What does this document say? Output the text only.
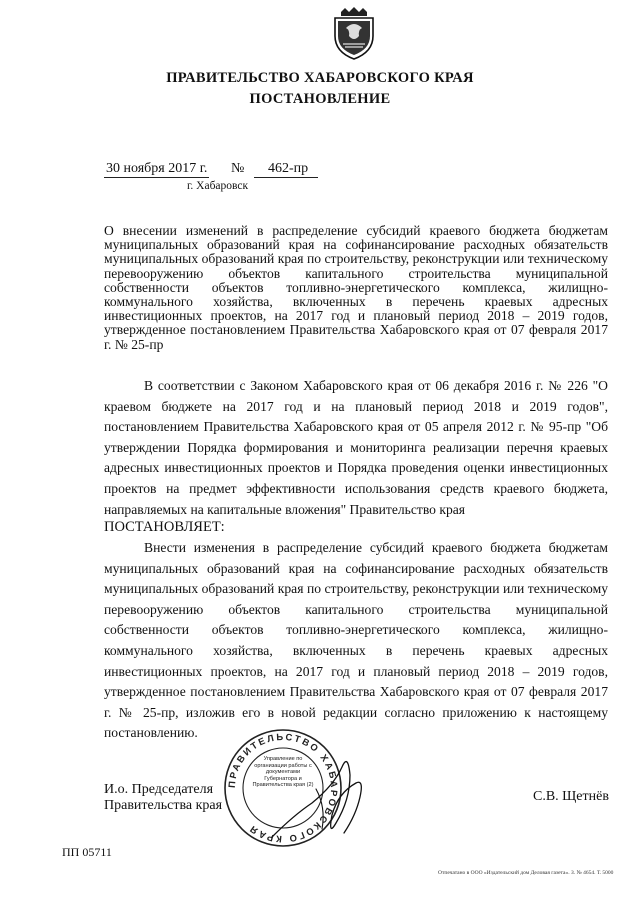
ПРАВИТЕЛЬСТВО ХАБАРОВСКОГО КРАЯ
ПОСТАНОВЛЕНИЕ
30 ноября 2017 г. №	462-пр
г. Хабаровск
О внесении изменений в распределение субсидий краевого бюджета бюджетам муниципальных образований края на софинансирование расходных обязательств муниципальных образований края по строительству, реконструкции или техническому перевооружению объектов капитального строительства муниципальной собственности объектов топливно-энергетического комплекса, жилищно-коммунального хозяйства, включенных в перечень краевых адресных инвестиционных проектов, на 2017 год и плановый период 2018 – 2019 годов, утвержденное постановлением Правительства Хабаровского края от 07 февраля 2017 г. № 25-пр
В соответствии с Законом Хабаровского края от 06 декабря 2016 г. № 226 "О краевом бюджете на 2017 год и на плановый период 2018 и 2019 годов", постановлением Правительства Хабаровского края от 05 апреля 2012 г. № 95-пр "Об утверждении Порядка формирования и мониторинга реализации перечня краевых адресных инвестиционных проектов и Порядка проведения оценки инвестиционных проектов на предмет эффективности использования средств краевого бюджета, направляемых на капитальные вложения" Правительство края
ПОСТАНОВЛЯЕТ:
Внести изменения в распределение субсидий краевого бюджета бюджетам муниципальных образований края на софинансирование расходных обязательств муниципальных образований края по строительству, реконструкции или техническому перевооружению объектов капитального строительства муниципальной собственности объектов топливно-энергетического комплекса, жилищно-коммунального хозяйства, включенных в перечень краевых адресных инвестиционных проектов, на 2017 год и плановый период 2018 – 2019 годов, утвержденное постановлением Правительства Хабаровского края от 07 февраля 2017 г. № 25-пр, изложив его в новой редакции согласно приложению к настоящему постановлению.
И.о. Председателя
Правительства края
С.В. Щетнёв
ПРАВИТЕЛЬСТВО ХАБАРОВСКОГО КРАЯ
Управление по организации работы с документами Губернатора и Правительства края (2)
ПП 05711
Отпечатано в ООО «Издательский дом Деловая газета». З. № 4654. Т. 5000
